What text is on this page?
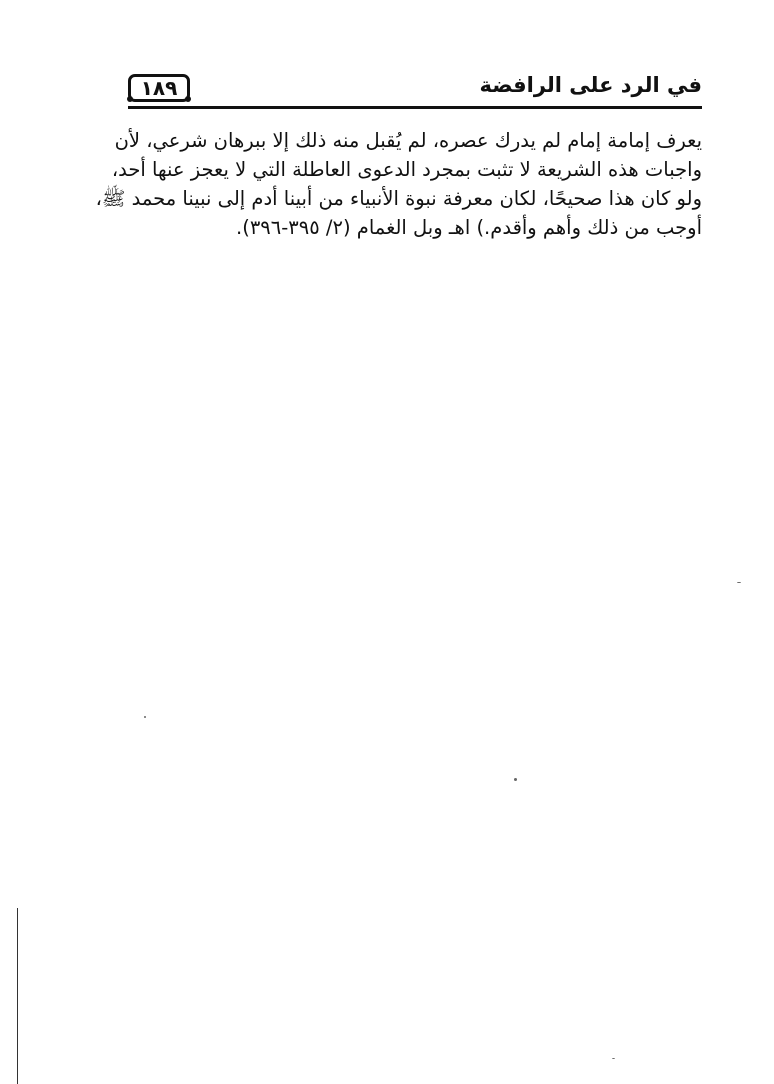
١٨٩	في الرد على الرافضة
يعرف إمامة إمام لم يدرك عصره، لم يُقبل منه ذلك إلا ببرهان شرعي، لأن
واجبات هذه الشريعة لا تثبت بمجرد الدعوى العاطلة التي لا يعجز عنها أحد،
ولو كان هذا صحيحًا، لكان معرفة نبوة الأنبياء من أبينا أدم إلى نبينا محمد ﷺ،
أوجب من ذلك وأهم وأقدم.) اهـ وبل الغمام (٢/ ٣٩٥-٣٩٦).
